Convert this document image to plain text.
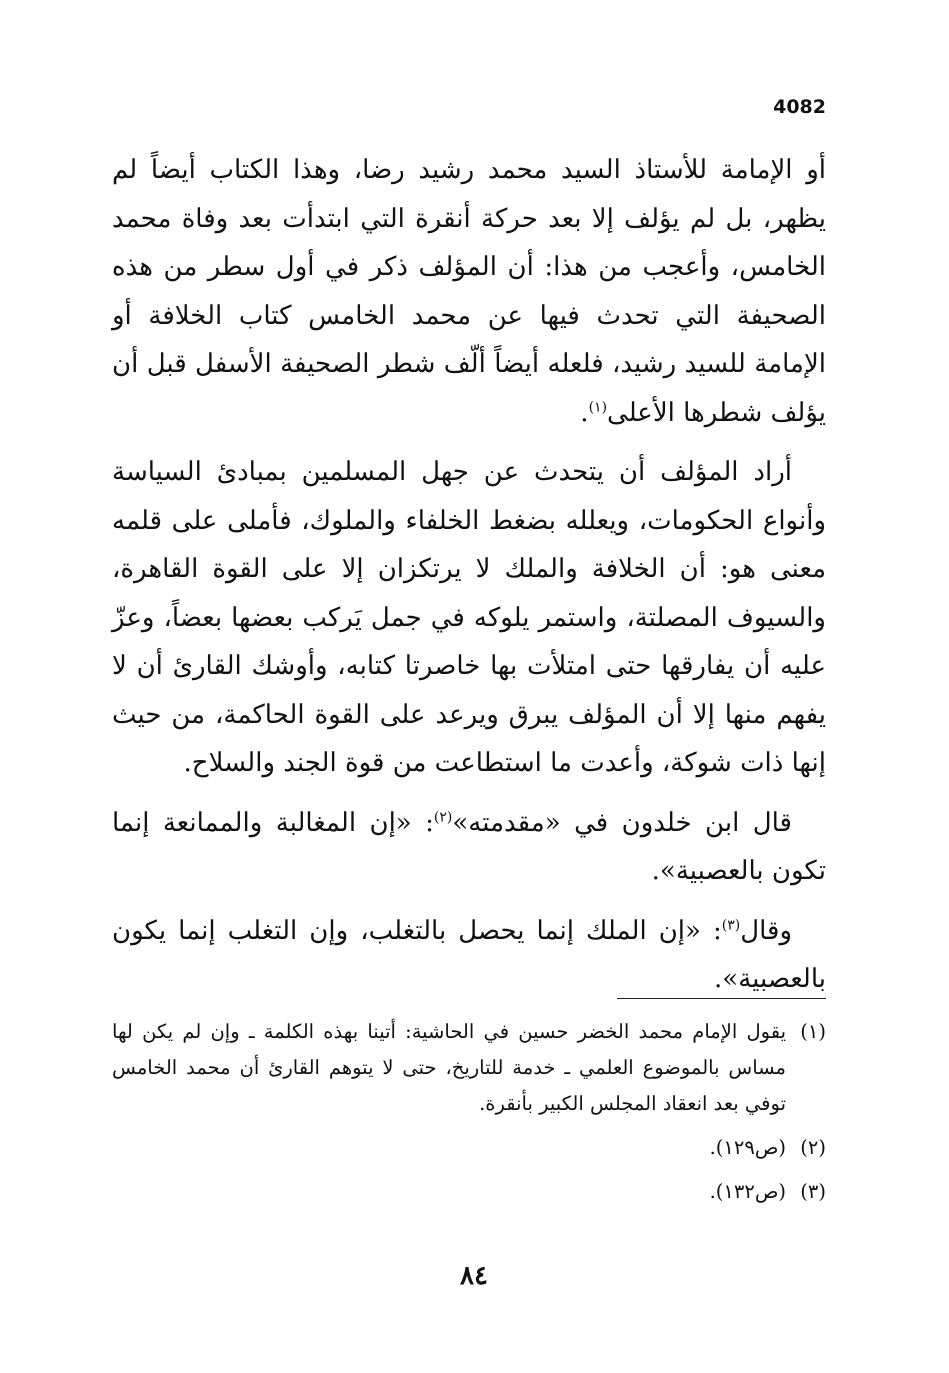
4082

أو الإمامة للأستاذ السيد محمد رشيد رضا، وهذا الكتاب أيضاً لم يظهر، بل لم يؤلف إلا بعد حركة أنقرة التي ابتدأت بعد وفاة محمد الخامس، وأعجب من هذا: أن المؤلف ذكر في أول سطر من هذه الصحيفة التي تحدث فيها عن محمد الخامس كتاب الخلافة أو الإمامة للسيد رشيد، فلعله أيضاً ألّف شطر الصحيفة الأسفل قبل أن يؤلف شطرها الأعلى$^{(١)}$.

أراد المؤلف أن يتحدث عن جهل المسلمين بمبادئ السياسة وأنواع الحكومات، ويعلله بضغط الخلفاء والملوك، فأملى على قلمه معنى هو: أن الخلافة والملك لا يرتكزان إلا على القوة القاهرة، والسيوف المصلتة، واستمر يلوكه في جمل يَركب بعضها بعضاً، وعزّ عليه أن يفارقها حتى امتلأت بها خاصرتا كتابه، وأوشك القارئ أن لا يفهم منها إلا أن المؤلف يبرق ويرعد على القوة الحاكمة، من حيث إنها ذات شوكة، وأعدت ما استطاعت من قوة الجند والسلاح.

قال ابن خلدون في «مقدمته»$^{(٢)}$: «إن المغالبة والممانعة إنما تكون بالعصبية».

وقال$^{(٣)}$: «إن الملك إنما يحصل بالتغلب، وإن التغلب إنما يكون بالعصبية».

(١)
يقول الإمام محمد الخضر حسين في الحاشية: أتينا بهذه الكلمة ـ وإن لم يكن لها مساس بالموضوع العلمي ـ خدمة للتاريخ، حتى لا يتوهم القارئ أن محمد الخامس توفي بعد انعقاد المجلس الكبير بأنقرة.
(٢)
(ص١٢٩).
(٣)
(ص١٣٢).
٨٤
